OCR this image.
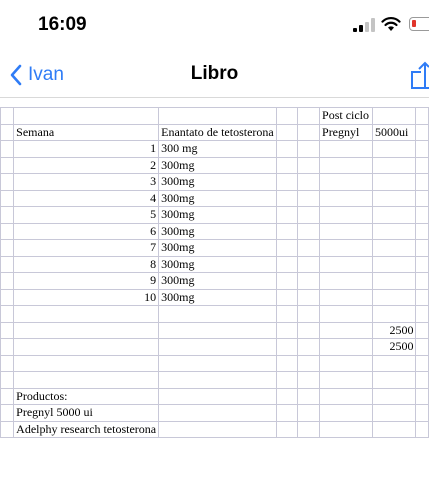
16:09
Ivan	Libro
					Post ciclo		
	Semana	Enantato de tetosterona			Pregnyl	5000ui	
	1	300 mg					
	2	300mg					
	3	300mg					
	4	300mg					
	5	300mg					
	6	300mg					
	7	300mg					
	8	300mg					
	9	300mg					
	10	300mg					

						2500	
						2500	

	Productos:						
	Pregnyl 5000 ui						
	Adelphy research tetosterona						
